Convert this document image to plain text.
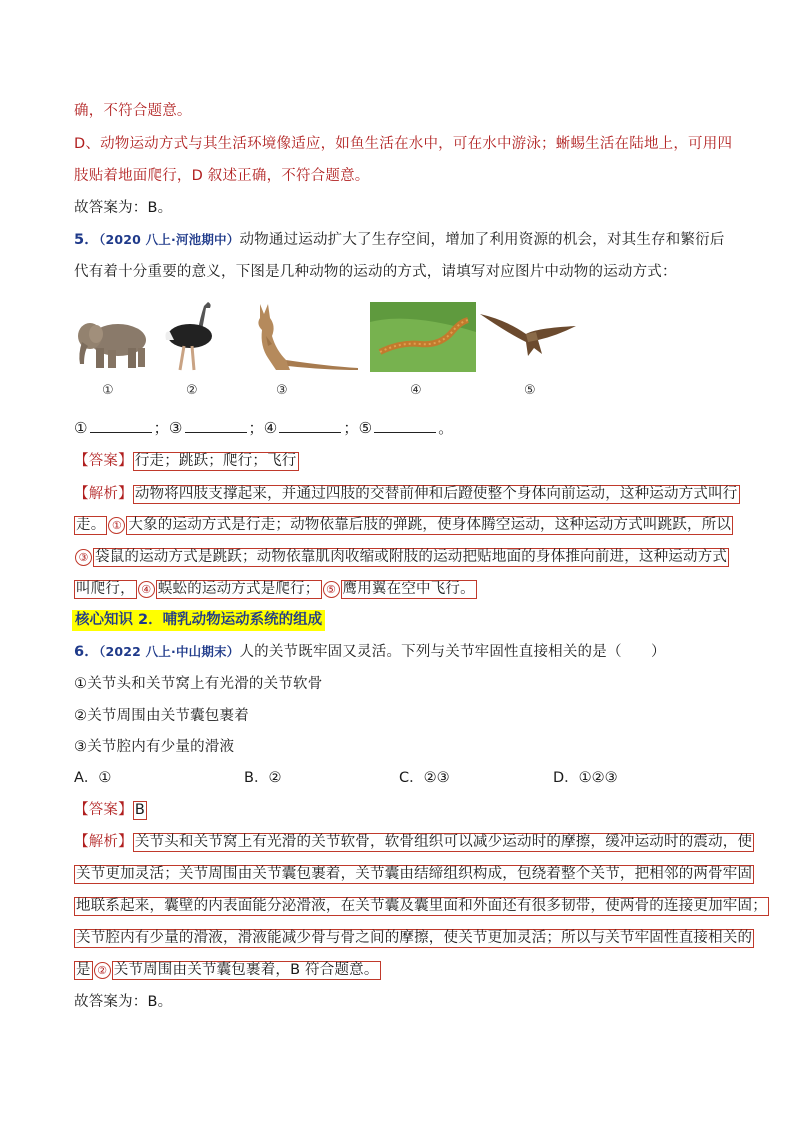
确，不符合题意。
D、动物运动方式与其生活环境像适应，如鱼生活在水中，可在水中游泳；蜥蜴生活在陆地上，可用四
肢贴着地面爬行，D 叙述正确，不符合题意。
故答案为：B。
5．（2020 八上·河池期中）动物通过运动扩大了生存空间，增加了利用资源的机会，对其生存和繁衍后
代有着十分重要的意义，下图是几种动物的运动的方式，请填写对应图片中动物的运动方式：
①	②	③	④	⑤
①	；③	；④	；⑤	。
【答案】 行走；跳跃；爬行；飞行
【解析】 动物将四肢支撑起来，并通过四肢的交替前伸和后蹬使整个身体向前运动，这种运动方式叫行
走。 ① 大象的运动方式是行走；动物依靠后肢的弹跳，使身体腾空运动，这种运动方式叫跳跃，所以
③ 袋鼠的运动方式是跳跃；动物依靠肌肉收缩或附肢的运动把贴地面的身体推向前进，这种运动方式
叫爬行， ④ 蜈蚣的运动方式是爬行； ⑤ 鹰用翼在空中飞行。
核心知识 2．哺乳动物运动系统的组成
6．（2022 八上·中山期末）人的关节既牢固又灵活。下列与关节牢固性直接相关的是（　　）
①关节头和关节窝上有光滑的关节软骨
②关节周围由关节囊包裹着
③关节腔内有少量的滑液
A．①	B．②	C．②③	D．①②③
【答案】 B
【解析】 关节头和关节窝上有光滑的关节软骨，软骨组织可以减少运动时的摩擦，缓冲运动时的震动，使
关节更加灵活；关节周围由关节囊包裹着，关节囊由结缔组织构成，包绕着整个关节，把相邻的两骨牢固
地联系起来，囊壁的内表面能分泌滑液，在关节囊及囊里面和外面还有很多韧带，使两骨的连接更加牢固；
关节腔内有少量的滑液，滑液能减少骨与骨之间的摩擦，使关节更加灵活；所以与关节牢固性直接相关的
是 ② 关节周围由关节囊包裹着，B 符合题意。
故答案为：B。
